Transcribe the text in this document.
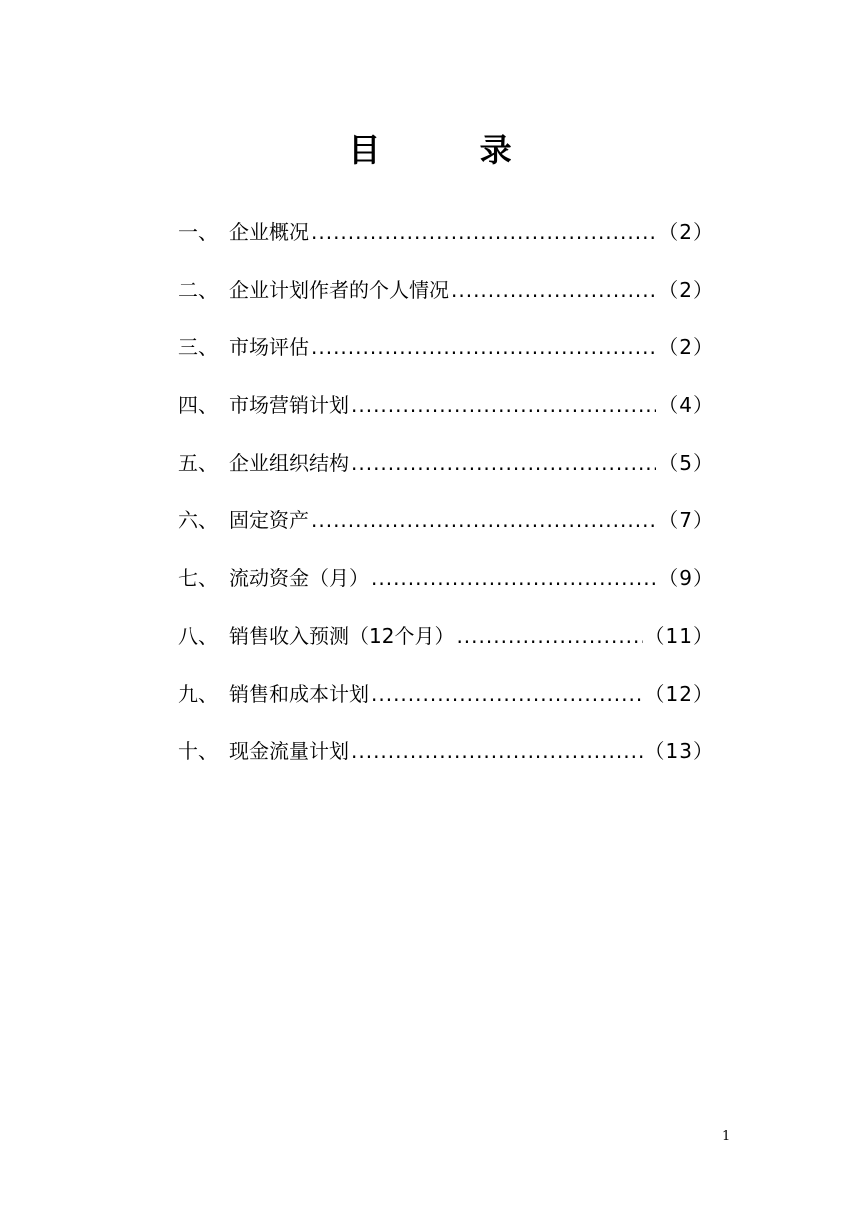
目 录
一、 企业概况 .....	（2）
二、 企业计划作者的个人情况 .....	（2）
三、 市场评估 .....	（2）
四、 市场营销计划 .....	（4）
五、 企业组织结构 .....	（5）
六、 固定资产 .....	（7）
七、 流动资金（月） .....	（9）
八、 销售收入预测（12个月） .....	（11）
九、 销售和成本计划 .....	（12）
十、 现金流量计划 .....	（13）
1
